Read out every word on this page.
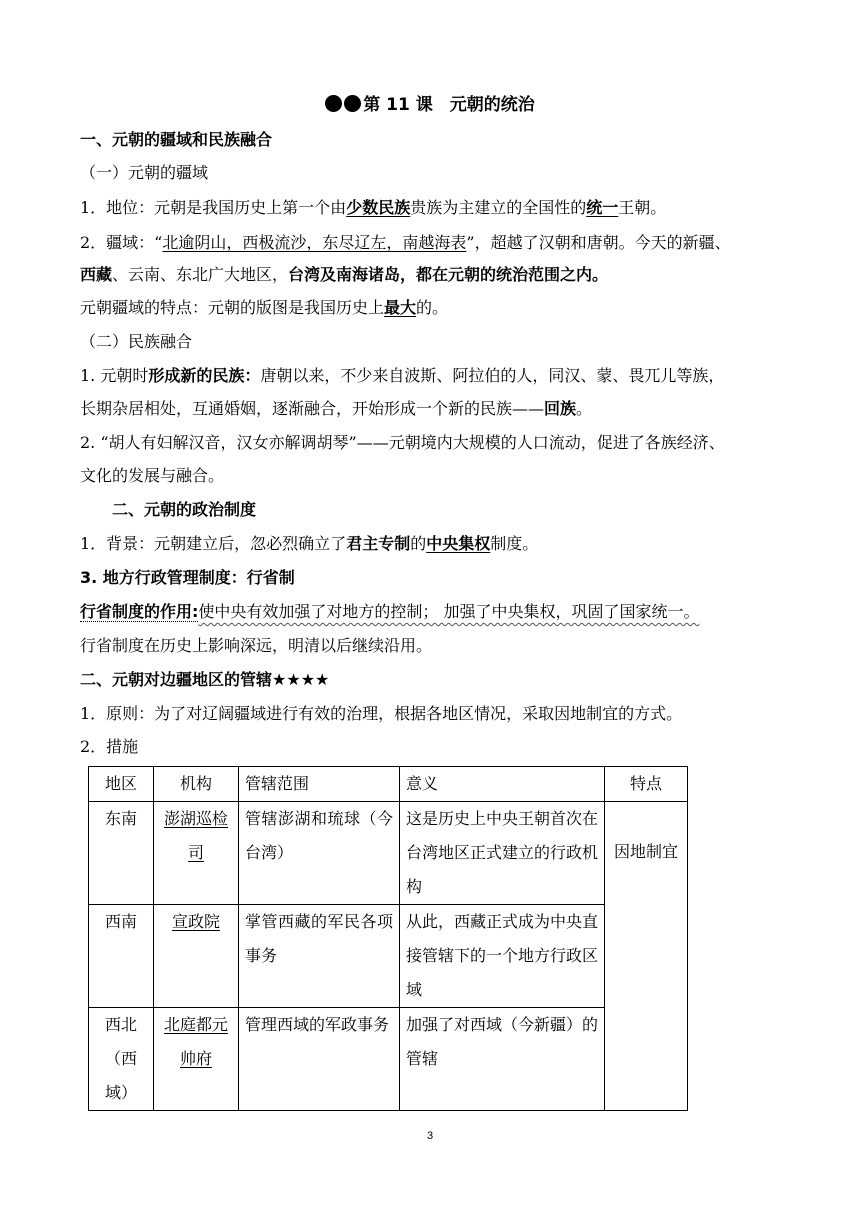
第 11 课　元朝的统治
一、元朝的疆域和民族融合
（一）元朝的疆域
1．地位：元朝是我国历史上第一个由少数民族贵族为主建立的全国性的统一王朝。
2．疆域：“北逾阴山，西极流沙，东尽辽左，南越海表”，超越了汉朝和唐朝。今天的新疆、
西藏、云南、东北广大地区，台湾及南海诸岛，都在元朝的统治范围之内。
元朝疆域的特点：元朝的版图是我国历史上最大的。
（二）民族融合
1. 元朝时形成新的民族：唐朝以来，不少来自波斯、阿拉伯的人，同汉、蒙、畏兀儿等族，
长期杂居相处，互通婚姻，逐渐融合，开始形成一个新的民族——回族。
2. “胡人有妇解汉音，汉女亦解调胡琴”——元朝境内大规模的人口流动，促进了各族经济、
文化的发展与融合。
二、元朝的政治制度
1．背景：元朝建立后，忽必烈确立了君主专制的中央集权制度。
3. 地方行政管理制度：行省制
行省制度的作用:使中央有效加强了对地方的控制； 加强了中央集权，巩固了国家统一。
行省制度在历史上影响深远，明清以后继续沿用。
二、元朝对边疆地区的管辖★★★★
1．原则：为了对辽阔疆域进行有效的治理，根据各地区情况，采取因地制宜的方式。
2．措施
地区	机构	管辖范围	意义	特点
东南	澎湖巡检司	管辖澎湖和琉球（今台湾）	这是历史上中央王朝首次在台湾地区正式建立的行政机构	因地制宜
西南	宣政院	掌管西藏的军民各项事务	从此，西藏正式成为中央直接管辖下的一个地方行政区域	
西北（西域）	北庭都元帅府	管理西域的军政事务	加强了对西域（今新疆）的管辖	
3
